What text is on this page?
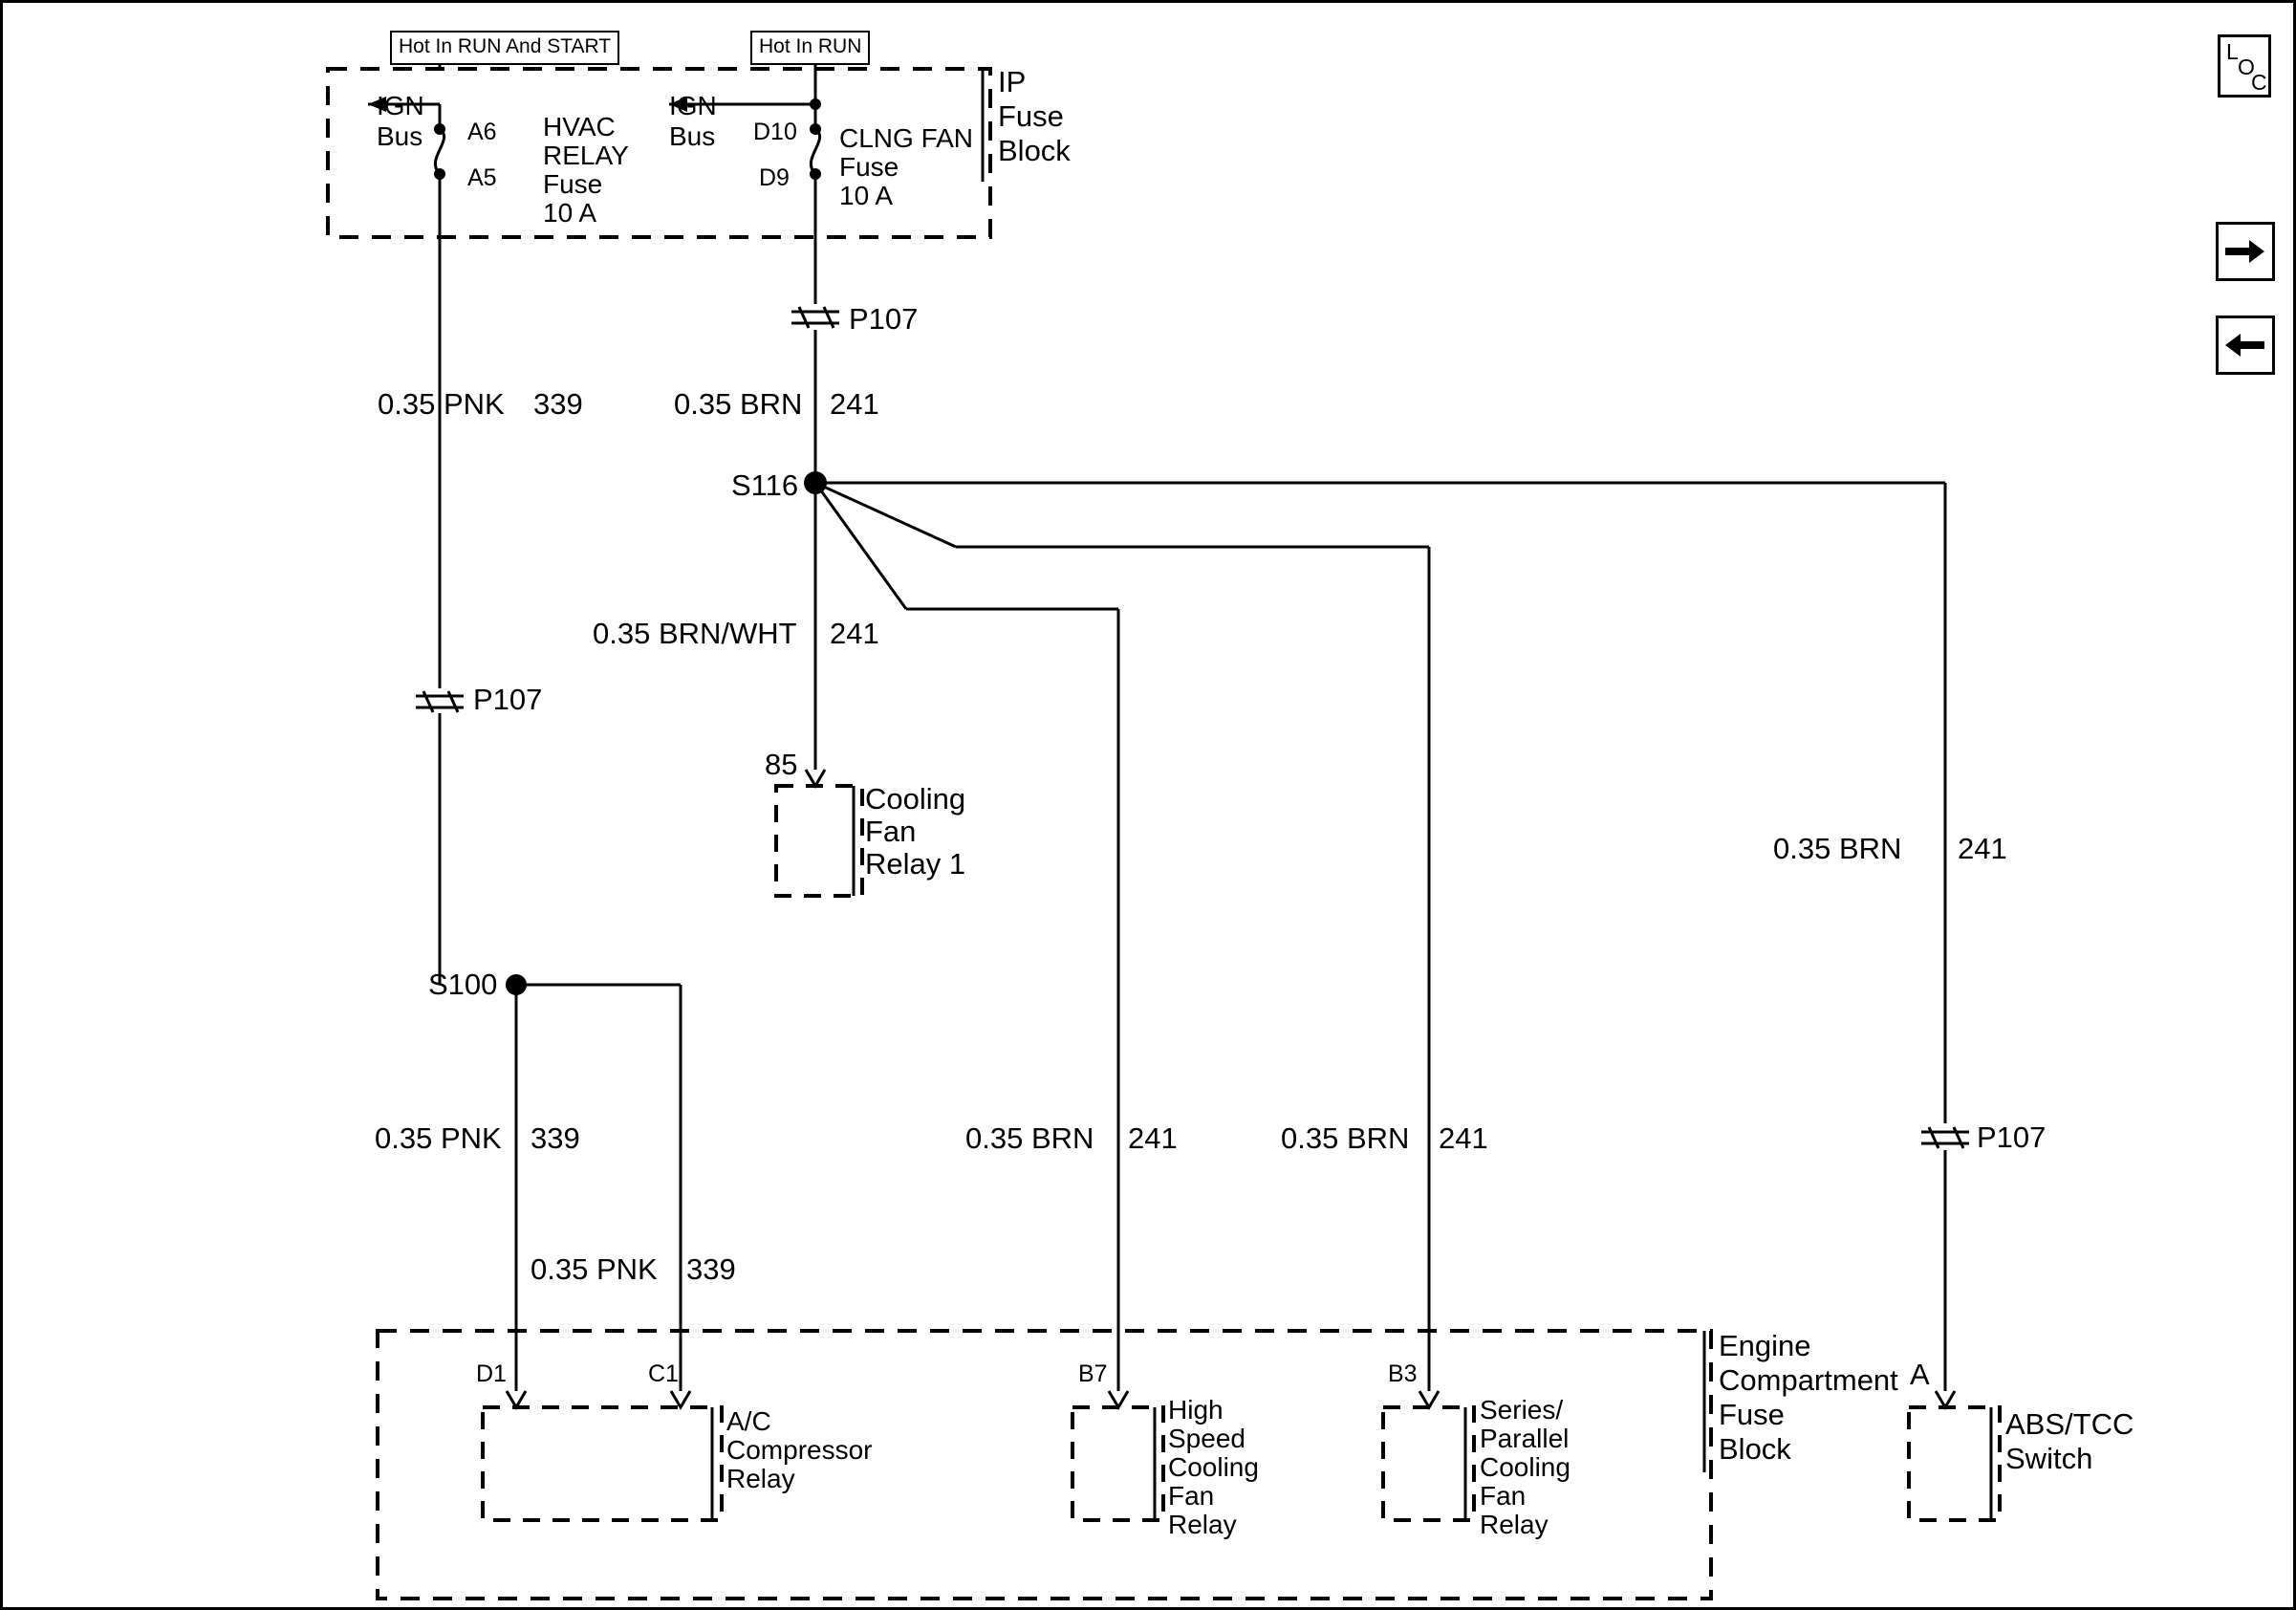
Hot In RUN And START	Hot In RUN
IP
Fuse
Block
IGN
Bus A6
A5
HVAC
RELAY
Fuse
10 A
IGN
Bus D10
D9
CLNG FAN
Fuse
10 A
P107
0.35 PNK 339	0.35 BRN 241
S116
0.35 BRN/WHT 241
85
Cooling
Fan
Relay 1
P107
S100
0.35 BRN 241
P107
0.35 PNK 339
0.35 PNK 339
0.35 BRN 241	0.35 BRN 241
D1	C1
A/C
Compressor
Relay
B7
High
Speed
Cooling
Fan
Relay
B3
Series/
Parallel
Cooling
Fan
Relay
Engine
Compartment
Fuse
Block
A
ABS/TCC
Switch
L
O
C
